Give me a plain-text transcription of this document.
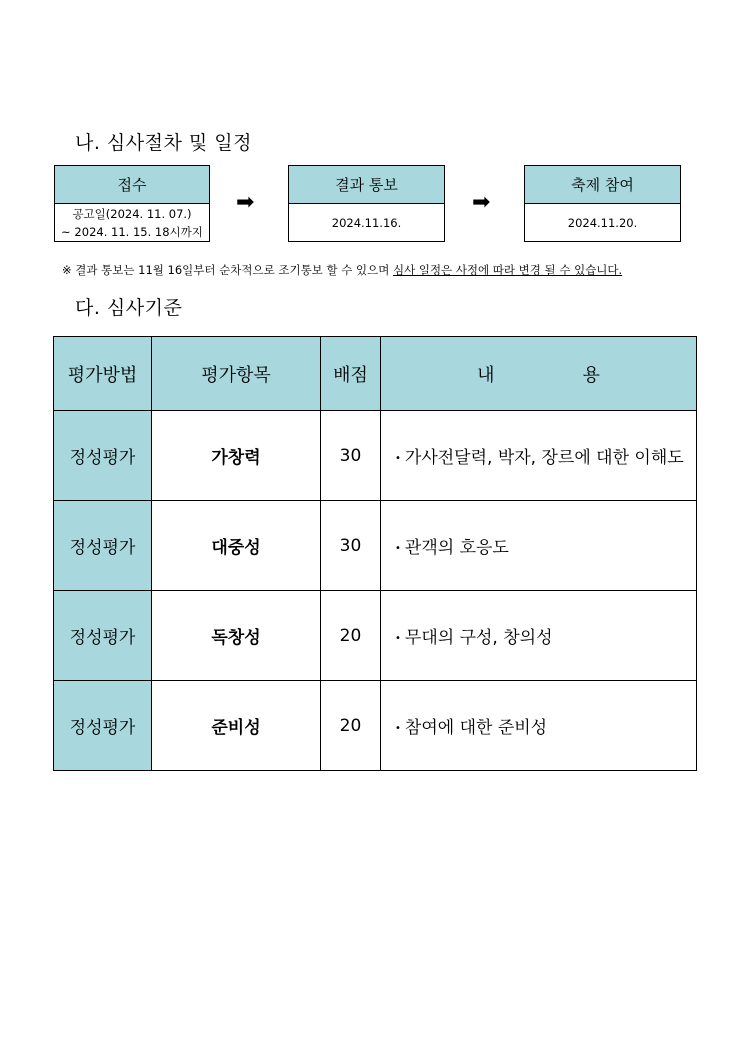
나. 심사절차 및 일정
접수
공고일(2024. 11. 07.)
~ 2024. 11. 15. 18시까지
➡
결과 통보
2024.11.16.
➡
축제 참여
2024.11.20.
※ 결과 통보는 11월 16일부터 순차적으로 조기통보 할 수 있으며 심사 일정은 사정에 따라 변경 될 수 있습니다.
다. 심사기준
평가방법	평가항목	배점	내 용
정성평가	가창력	30	• 가사전달력, 박자, 장르에 대한 이해도
정성평가	대중성	30	• 관객의 호응도
정성평가	독창성	20	• 무대의 구성, 창의성
정성평가	준비성	20	• 참여에 대한 준비성
